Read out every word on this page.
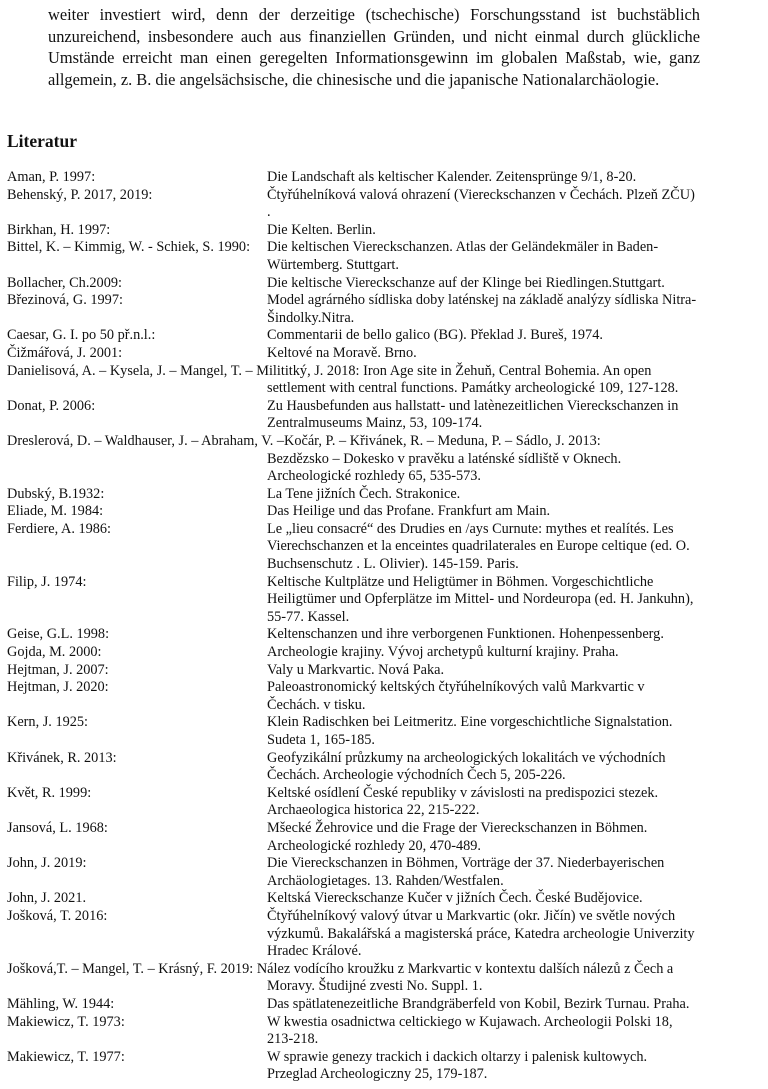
weiter investiert wird, denn der derzeitige (tschechische) Forschungsstand ist buchstäblich unzureichend, insbesondere auch aus finanziellen Gründen, und nicht einmal durch glückliche Umstände erreicht man einen geregelten Informationsgewinn im globalen Maßstab, wie, ganz allgemein, z. B. die angelsächsische, die chinesische und die japanische Nationalarchäologie.

Literatur
Aman, P. 1997:	Die Landschaft als keltischer Kalender. Zeitensprünge 9/1, 8-20.
Behenský, P. 2017, 2019:	Čtyřúhelníková valová ohrazení (Viereckschanzen v Čechách. Plzeň ZČU) .
Birkhan, H. 1997:	Die Kelten. Berlin.
Bittel, K. – Kimmig, W. - Schiek, S. 1990: Die keltischen Viereckschanzen. Atlas der Geländekmäler in Baden-Würtemberg. Stuttgart.
Bollacher, Ch.2009:	Die keltische Viereckschanze auf der Klinge bei Riedlingen.Stuttgart.
Březinová, G. 1997:	Model agrárného sídliska doby laténskej na základě analýzy sídliska Nitra-Šindolky.Nitra.
Caesar, G. I. po 50 př.n.l.:	Commentarii de bello galico (BG). Překlad J. Bureš, 1974.
Čižmářová, J. 2001:	Keltové na Moravě. Brno.
Danielisová, A. – Kysela, J. – Mangel, T. – Milititký, J. 2018: Iron Age site in Žehuň, Central Bohemia. An open
settlement with central functions. Památky archeologické 109, 127-128.
Donat, P. 2006:	Zu Hausbefunden aus hallstatt- und latènezeitlichen Viereckschanzen in Zentralmuseums Mainz, 53, 109-174.
Dreslerová, D. – Waldhauser, J. – Abraham, V. –Kočár, P. – Křivánek, R. – Meduna, P. – Sádlo, J. 2013:
Bezdězsko – Dokesko v pravěku a laténské sídliště v Oknech. Archeologické rozhledy 65, 535-573.
Dubský, B.1932:	La Tene jižních Čech. Strakonice.
Eliade, M. 1984:	Das Heilige und das Profane. Frankfurt am Main.
Ferdiere, A. 1986:	Le „lieu consacré“ des Drudies en /ays Curnute: mythes et realítés. Les Vierechschanzen et la enceintes quadrilaterales en Europe celtique (ed. O. Buchsenschutz . L. Olivier). 145-159. Paris.
Filip, J. 1974:	Keltische Kultplätze und Heligtümer in Böhmen. Vorgeschichtliche Heiligtümer und Opferplätze im Mittel- und Nordeuropa (ed. H. Jankuhn), 55-77. Kassel.
Geise, G.L. 1998:	Keltenschanzen und ihre verborgenen Funktionen. Hohenpessenberg.
Gojda, M. 2000:	Archeologie krajiny. Vývoj archetypů kulturní krajiny. Praha.
Hejtman, J. 2007:	Valy u Markvartic. Nová Paka.
Hejtman, J. 2020:	Paleoastronomický keltských čtyřúhelníkových valů Markvartic v Čechách. v tisku.
Kern, J. 1925:	Klein Radischken bei Leitmeritz. Eine vorgeschichtliche Signalstation. Sudeta 1, 165-185.
Křivánek, R. 2013:	Geofyzikální průzkumy na archeologických lokalitách ve východních Čechách. Archeologie východních Čech 5, 205-226.
Květ, R. 1999:	Keltské osídlení České republiky v závislosti na predispozici stezek. Archaeologica historica 22, 215-222.
Jansová, L. 1968:	Mšecké Žehrovice und die Frage der Viereckschanzen in Böhmen. Archeologické rozhledy 20, 470-489.
John, J. 2019:	Die Viereckschanzen in Böhmen, Vorträge der 37. Niederbayerischen Archäologietages. 13. Rahden/Westfalen.
John, J. 2021.	Keltská Viereckschanze Kučer v jižních Čech. České Budějovice.
Jošková, T. 2016:	Čtyřúhelníkový valový útvar u Markvartic (okr. Jičín) ve světle nových výzkumů. Bakalářská a magisterská práce, Katedra archeologie Univerzity Hradec Králové.
Jošková,T. – Mangel, T. – Krásný, F. 2019: Nález vodícího kroužku z Markvartic v kontextu dalších nálezů z Čech a
Moravy. Študijné zvesti No. Suppl. 1.
Mähling, W. 1944:	Das spätlatenezeitliche Brandgräberfeld von Kobil, Bezirk Turnau. Praha.
Makiewicz, T. 1973:	W kwestia osadnictwa celtickiego w Kujawach. Archeologii Polski 18, 213-218.
Makiewicz, T. 1977:	W sprawie genezy trackich i dackich oltarzy i palenisk kultowych. Przeglad Archeologiczny 25, 179-187.
